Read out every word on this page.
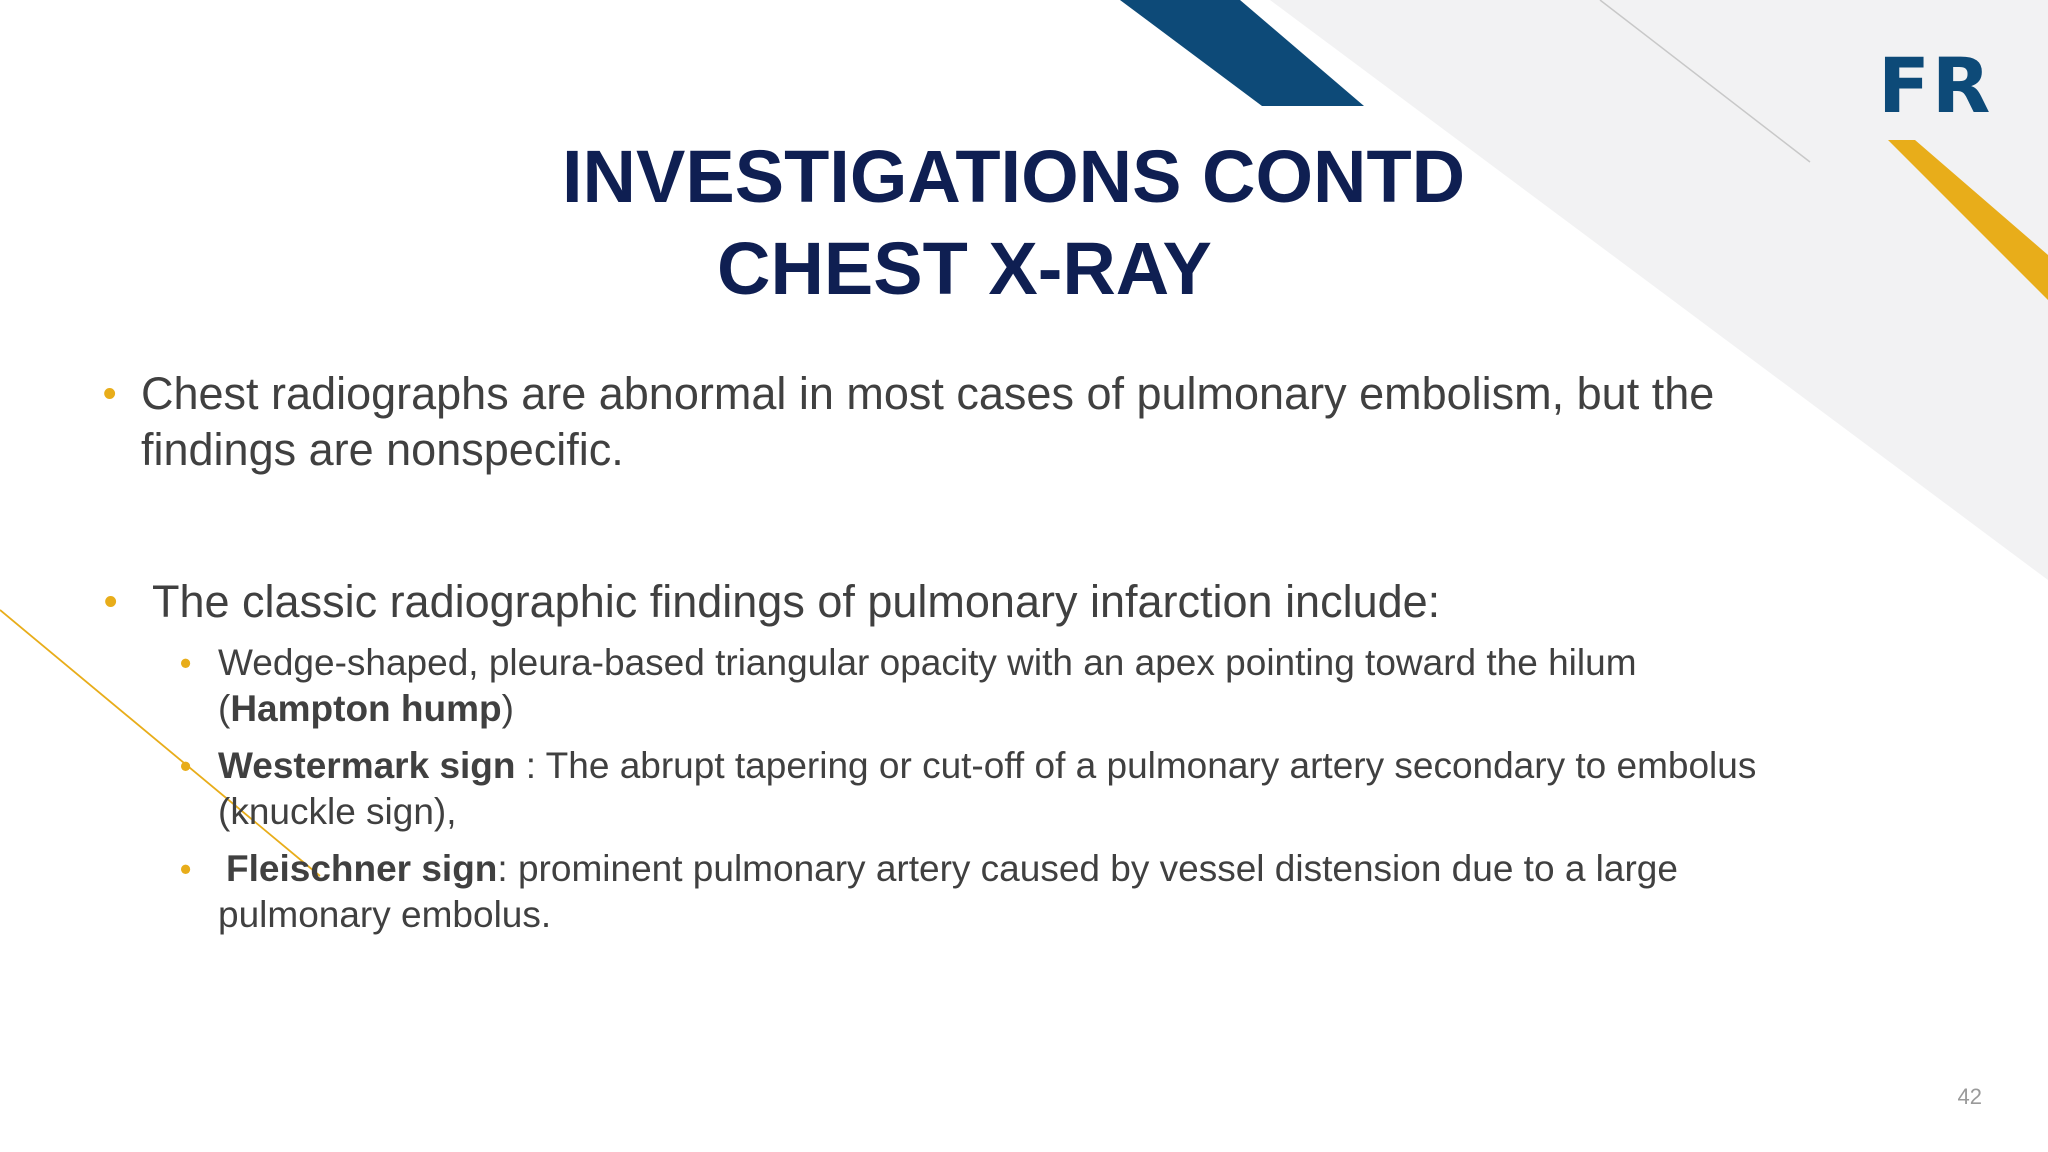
FR
INVESTIGATIONS CONTD
CHEST X-RAY
• Chest radiographs are abnormal in most cases of pulmonary embolism, but the
findings are nonspecific.
• The classic radiographic findings of pulmonary infarction include:
• Wedge-shaped, pleura-based triangular opacity with an apex pointing toward the hilum
(Hampton hump)
• Westermark sign : The abrupt tapering or cut-off of a pulmonary artery secondary to embolus
(knuckle sign),
• Fleischner sign: prominent pulmonary artery caused by vessel distension due to a large
pulmonary embolus.
42
